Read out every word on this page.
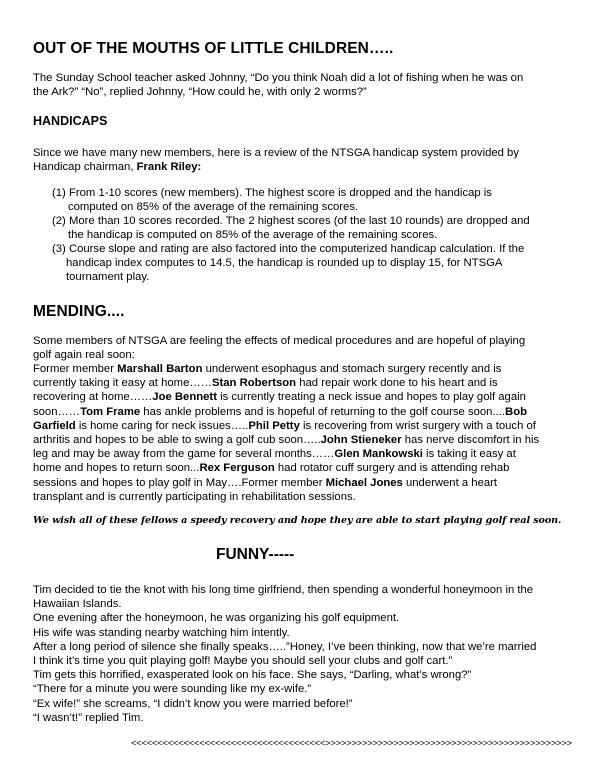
OUT OF THE MOUTHS OF LITTLE CHILDREN…..
The Sunday School teacher asked Johnny, “Do you think Noah did a lot of fishing when he was on
the Ark?” “No”, replied Johnny, “How could he, with only 2 worms?”
HANDICAPS
Since we have many new members, here is a review of the NTSGA handicap system provided by
Handicap chairman, Frank Riley:
(1) From 1-10 scores (new members). The highest score is dropped and the handicap is
computed on 85% of the average of the remaining scores.
(2) More than 10 scores recorded. The 2 highest scores (of the last 10 rounds) are dropped and
the handicap is computed on 85% of the average of the remaining scores.
(3) Course slope and rating are also factored into the computerized handicap calculation. If the
handicap index computes to 14.5, the handicap is rounded up to display 15, for NTSGA
tournament play.
MENDING....
Some members of NTSGA are feeling the effects of medical procedures and are hopeful of playing
golf again real soon:
Former member Marshall Barton underwent esophagus and stomach surgery recently and is
currently taking it easy at home……Stan Robertson had repair work done to his heart and is
recovering at home……Joe Bennett is currently treating a neck issue and hopes to play golf again
soon……Tom Frame has ankle problems and is hopeful of returning to the golf course soon....Bob
Garfield is home caring for neck issues…..Phil Petty is recovering from wrist surgery with a touch of
arthritis and hopes to be able to swing a golf cub soon…..John Stieneker has nerve discomfort in his
leg and may be away from the game for several months……Glen Mankowski is taking it easy at
home and hopes to return soon...Rex Ferguson had rotator cuff surgery and is attending rehab
sessions and hopes to play golf in May….Former member Michael Jones underwent a heart
transplant and is currently participating in rehabilitation sessions.
We wish all of these fellows a speedy recovery and hope they are able to start playing golf real soon.
FUNNY-----
Tim decided to tie the knot with his long time girlfriend, then spending a wonderful honeymoon in the
Hawaiian Islands.
One evening after the honeymoon, he was organizing his golf equipment.
His wife was standing nearby watching him intently.
After a long period of silence she finally speaks…..”Honey, I’ve been thinking, now that we’re married
I think it’s time you quit playing golf! Maybe you should sell your clubs and golf cart.”
Tim gets this horrified, exasperated look on his face. She says, “Darling, what’s wrong?”
“There for a minute you were sounding like my ex-wife.”
“Ex wife!” she screams, “I didn’t know you were married before!”
“I wasn’t!” replied Tim.
<<<<<<<<<<<<<<<<<<<<<<<<<<<<<<<<<<<<<>>>>>>>>>>>>>>>>>>>>>>>>>>>>>>>>>>>>>>>>>>>>>>>
